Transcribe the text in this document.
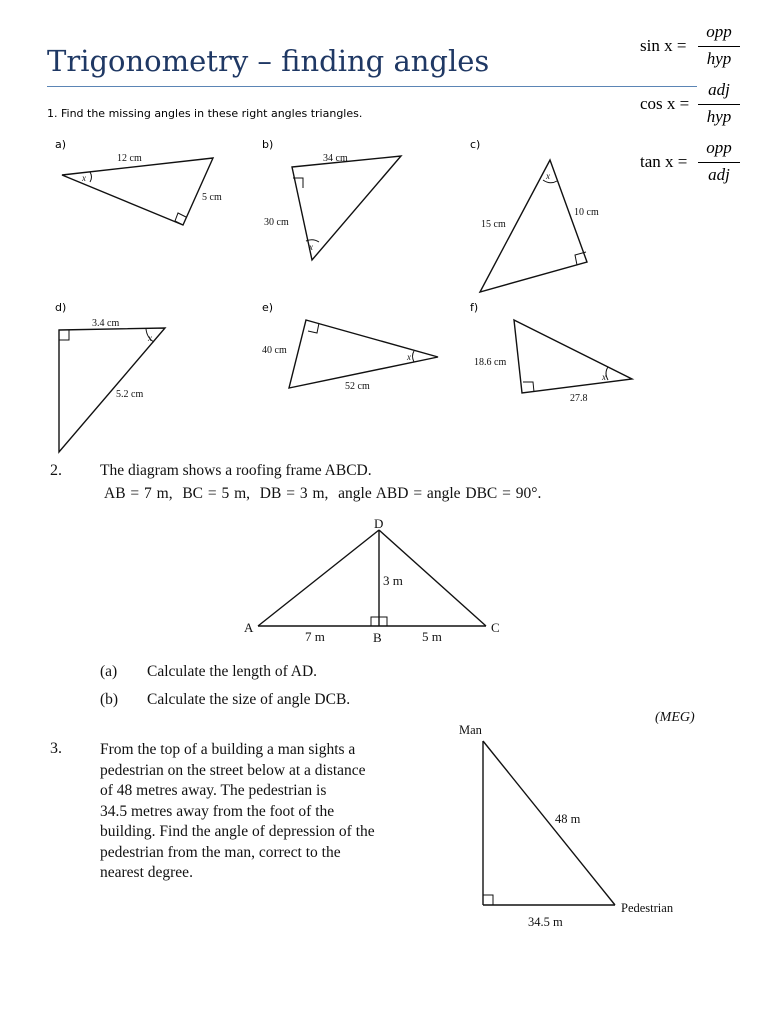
Trigonometry – finding angles	sin x =
opp
hyp
cos x =
adj
hyp
tan x =
opp
adj
1. Find the missing angles in these right angles triangles.
a)	b)	c)
d)	e)	f)
12 cm
5 cm
x
34 cm
30 cm
x
10 cm
15 cm
x
3.4 cm
5.2 cm
x
40 cm
52 cm
x	18.6 cm
27.8
x
2. The diagram shows a roofing frame ABCD.
AB = 7 m,  BC = 5 m,  DB = 3 m,  angle ABD = angle DBC = 90°.
D
A
B
C
7 m	5 m
3 m
(a) Calculate the length of AD.
(b) Calculate the size of angle DCB.
(MEG)
3. From the top of a building a man sights a
pedestrian on the street below at a distance
of 48 metres away. The pedestrian is
34.5 metres away from the foot of the
building. Find the angle of depression of the
pedestrian from the man, correct to the
nearest degree.
Man
48 m
34.5 m
Pedestrian
